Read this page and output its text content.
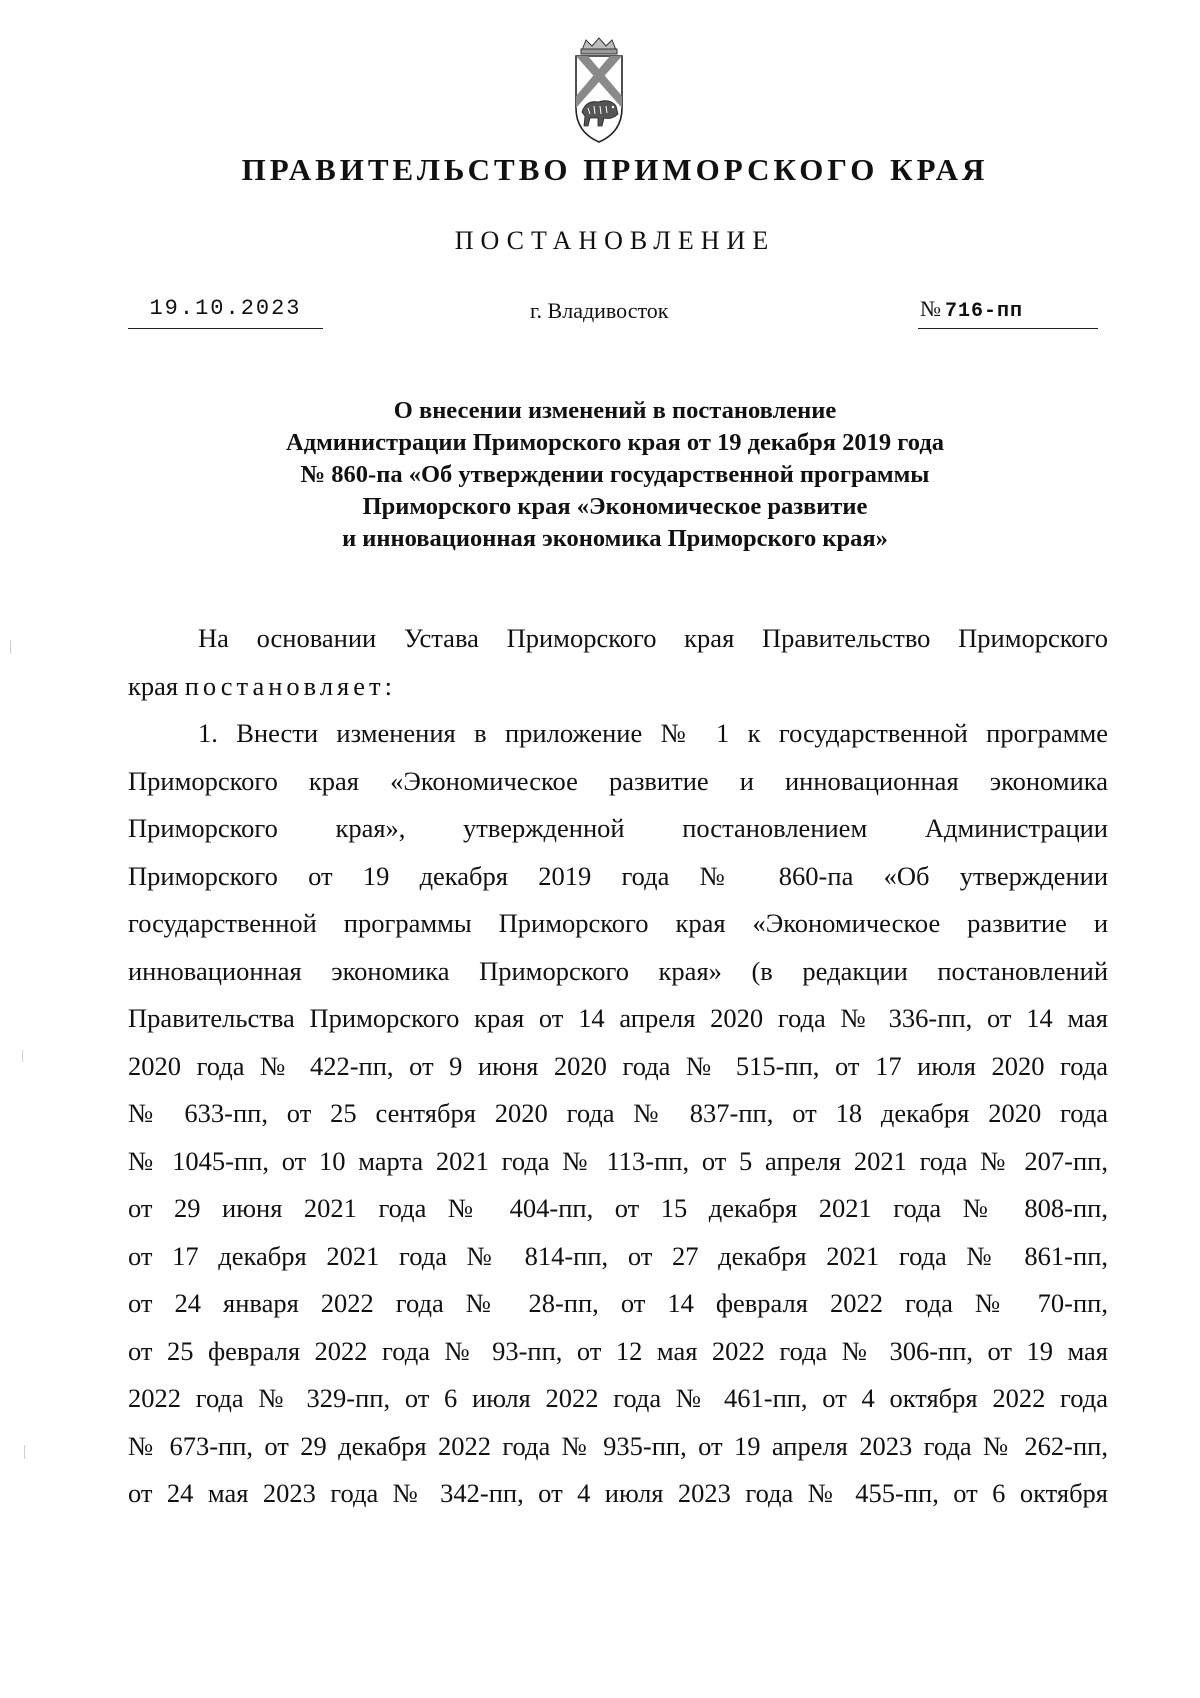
ПРАВИТЕЛЬСТВО ПРИМОРСКОГО КРАЯ
ПОСТАНОВЛЕНИЕ
19.10.2023	г. Владивосток	№ 716-пп
О внесении изменений в постановление
Администрации Приморского края от 19 декабря 2019 года
№ 860-па «Об утверждении государственной программы
Приморского края «Экономическое развитие
и инновационная экономика Приморского края»
На основании Устава Приморского края Правительство Приморского
края постановляет:
1. Внести изменения в приложение № 1 к государственной программе
Приморского края «Экономическое развитие и инновационная экономика
Приморского края», утвержденной постановлением Администрации
Приморского от 19 декабря 2019 года № 860-па «Об утверждении
государственной программы Приморского края «Экономическое развитие и
инновационная экономика Приморского края» (в редакции постановлений
Правительства Приморского края от 14 апреля 2020 года № 336-пп, от 14 мая
2020 года № 422-пп, от 9 июня 2020 года № 515-пп, от 17 июля 2020 года
№ 633-пп, от 25 сентября 2020 года № 837-пп, от 18 декабря 2020 года
№ 1045-пп, от 10 марта 2021 года № 113-пп, от 5 апреля 2021 года № 207-пп,
от 29 июня 2021 года № 404-пп, от 15 декабря 2021 года № 808-пп,
от 17 декабря 2021 года № 814-пп, от 27 декабря 2021 года № 861-пп,
от 24 января 2022 года № 28-пп, от 14 февраля 2022 года № 70-пп,
от 25 февраля 2022 года № 93-пп, от 12 мая 2022 года № 306-пп, от 19 мая
2022 года № 329-пп, от 6 июля 2022 года № 461-пп, от 4 октября 2022 года
№ 673-пп, от 29 декабря 2022 года № 935-пп, от 19 апреля 2023 года № 262-пп,
от 24 мая 2023 года № 342-пп, от 4 июля 2023 года № 455-пп, от 6 октября
